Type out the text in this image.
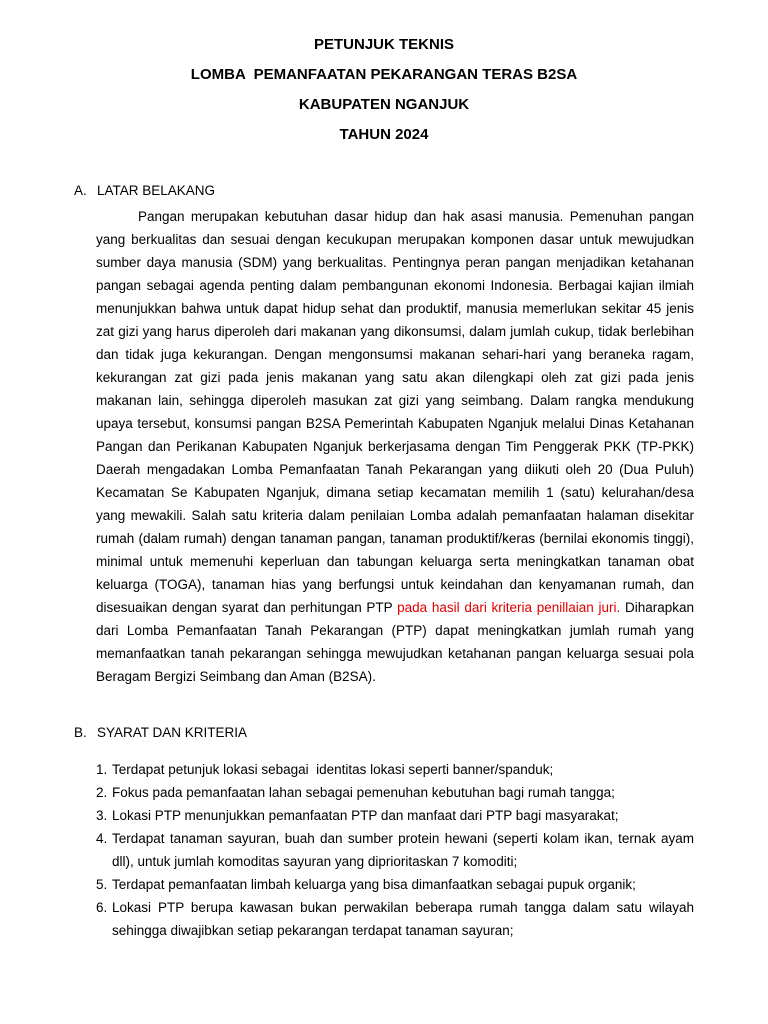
PETUNJUK TEKNIS
LOMBA  PEMANFAATAN PEKARANGAN TERAS B2SA
KABUPATEN NGANJUK
TAHUN 2024
A. LATAR BELAKANG
Pangan merupakan kebutuhan dasar hidup dan hak asasi manusia. Pemenuhan pangan yang berkualitas dan sesuai dengan kecukupan merupakan komponen dasar untuk mewujudkan sumber daya manusia (SDM) yang berkualitas. Pentingnya peran pangan menjadikan ketahanan pangan sebagai agenda penting dalam pembangunan ekonomi Indonesia. Berbagai kajian ilmiah menunjukkan bahwa untuk dapat hidup sehat dan produktif, manusia memerlukan sekitar 45 jenis zat gizi yang harus diperoleh dari makanan yang dikonsumsi, dalam jumlah cukup, tidak berlebihan dan tidak juga kekurangan. Dengan mengonsumsi makanan sehari-hari yang beraneka ragam, kekurangan zat gizi pada jenis makanan yang satu akan dilengkapi oleh zat gizi pada jenis makanan lain, sehingga diperoleh masukan zat gizi yang seimbang. Dalam rangka mendukung upaya tersebut, konsumsi pangan B2SA Pemerintah Kabupaten Nganjuk melalui Dinas Ketahanan Pangan dan Perikanan Kabupaten Nganjuk berkerjasama dengan Tim Penggerak PKK (TP-PKK) Daerah mengadakan Lomba Pemanfaatan Tanah Pekarangan yang diikuti oleh 20 (Dua Puluh) Kecamatan Se Kabupaten Nganjuk, dimana setiap kecamatan memilih 1 (satu) kelurahan/desa yang mewakili. Salah satu kriteria dalam penilaian Lomba adalah pemanfaatan halaman disekitar rumah (dalam rumah) dengan tanaman pangan, tanaman produktif/keras (bernilai ekonomis tinggi), minimal untuk memenuhi keperluan dan tabungan keluarga serta meningkatkan tanaman obat keluarga (TOGA), tanaman hias yang berfungsi untuk keindahan dan kenyamanan rumah, dan disesuaikan dengan syarat dan perhitungan PTP pada hasil dari kriteria penillaian juri. Diharapkan dari Lomba Pemanfaatan Tanah Pekarangan (PTP) dapat meningkatkan jumlah rumah yang memanfaatkan tanah pekarangan sehingga mewujudkan ketahanan pangan keluarga sesuai pola Beragam Bergizi Seimbang dan Aman (B2SA).
B. SYARAT DAN KRITERIA
1. Terdapat petunjuk lokasi sebagai  identitas lokasi seperti banner/spanduk;
2. Fokus pada pemanfaatan lahan sebagai pemenuhan kebutuhan bagi rumah tangga;
3. Lokasi PTP menunjukkan pemanfaatan PTP dan manfaat dari PTP bagi masyarakat;
4. Terdapat tanaman sayuran, buah dan sumber protein hewani (seperti kolam ikan, ternak ayam dll), untuk jumlah komoditas sayuran yang diprioritaskan 7 komoditi;
5. Terdapat pemanfaatan limbah keluarga yang bisa dimanfaatkan sebagai pupuk organik;
6. Lokasi PTP berupa kawasan bukan perwakilan beberapa rumah tangga dalam satu wilayah sehingga diwajibkan setiap pekarangan terdapat tanaman sayuran;
